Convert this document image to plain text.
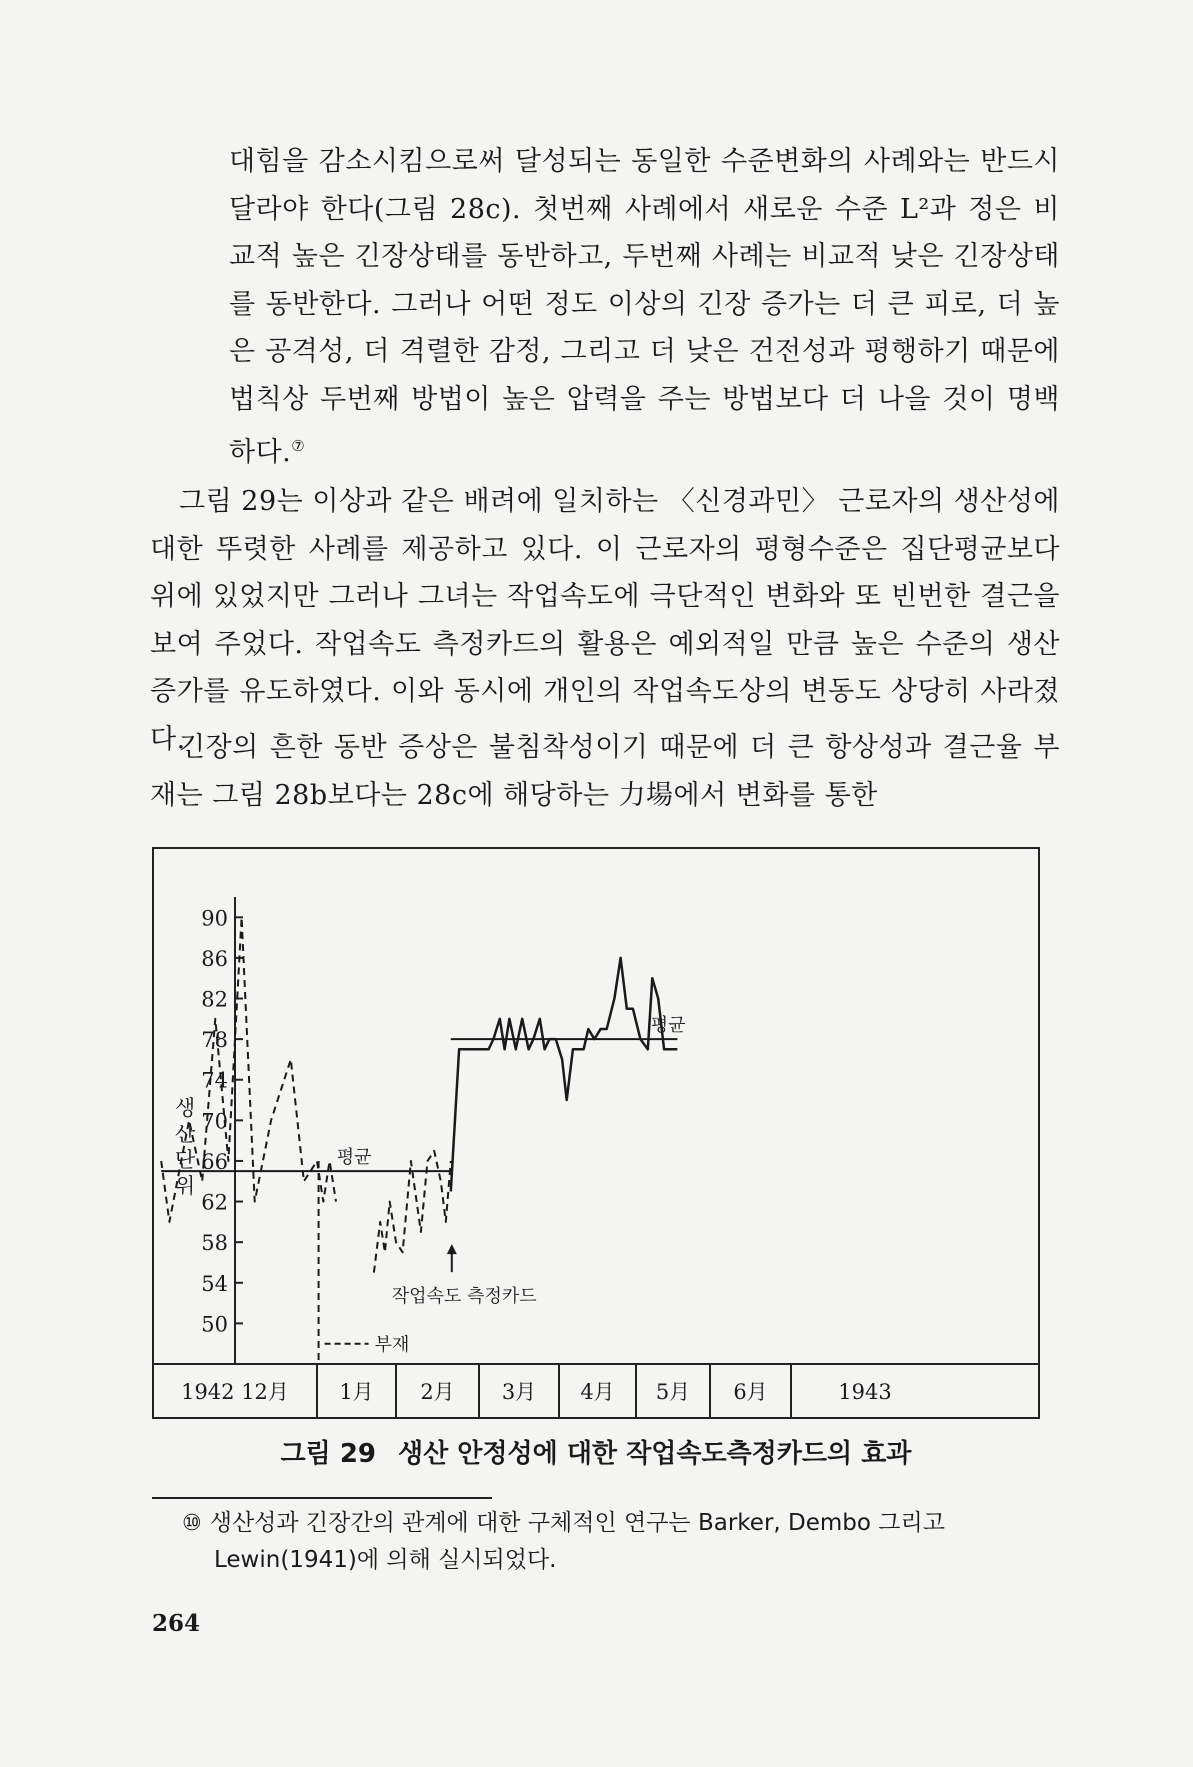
대힘을 감소시킴으로써 달성되는 동일한 수준변화의 사례와는 반드시 달라야 한다(그림 28c). 첫번째 사례에서 새로운 수준 L²과 정은 비교적 높은 긴장상태를 동반하고, 두번째 사례는 비교적 낮은 긴장상태를 동반한다. 그러나 어떤 정도 이상의 긴장 증가는 더 큰 피로, 더 높은 공격성, 더 격렬한 감정, 그리고 더 낮은 건전성과 평행하기 때문에 법칙상 두번째 방법이 높은 압력을 주는 방법보다 더 나을 것이 명백하다.⑦

그림 29는 이상과 같은 배려에 일치하는 〈신경과민〉 근로자의 생산성에 대한 뚜렷한 사례를 제공하고 있다. 이 근로자의 평형수준은 집단평균보다 위에 있었지만 그러나 그녀는 작업속도에 극단적인 변화와 또 빈번한 결근을 보여 주었다. 작업속도 측정카드의 활용은 예외적일 만큼 높은 수준의 생산증가를 유도하였다. 이와 동시에 개인의 작업속도상의 변동도 상당히 사라졌다.

긴장의 흔한 동반 증상은 불침착성이기 때문에 더 큰 항상성과 결근율 부재는 그림 28b보다는 28c에 해당하는 力場에서 변화를 통한

90
86
82
78
74
70
66
62
58
54
50
생
산
단
위
1942 12月 1月 2月 3月 4月 5月 6月	1943
평균
평균
작업속도 측정카드
부재
그림 29 생산 안정성에 대한 작업속도측정카드의 효과
⑩ 생산성과 긴장간의 관계에 대한 구체적인 연구는 Barker, Dembo 그리고
Lewin(1941)에 의해 실시되었다.
264
